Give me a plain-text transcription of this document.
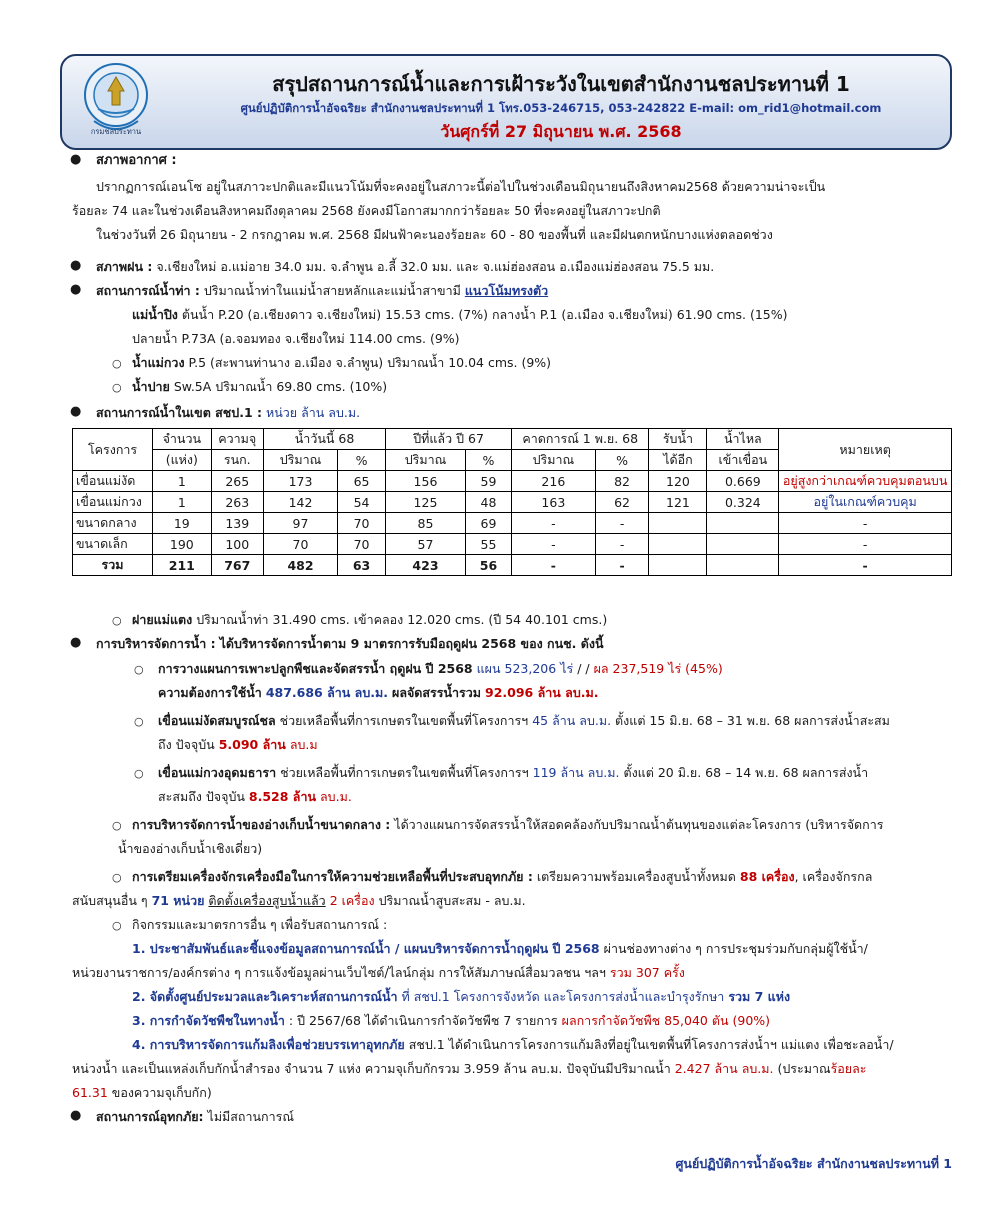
กรมชลประทาน
สรุปสถานการณ์น้ำและการเฝ้าระวังในเขตสำนักงานชลประทานที่ 1
ศูนย์ปฏิบัติการน้ำอัจฉริยะ สำนักงานชลประทานที่ 1 โทร.053-246715, 053-242822 E-mail: om_rid1@hotmail.com
วันศุกร์ที่ 27 มิถุนายน พ.ศ. 2568
● สภาพอากาศ :
ปรากฏการณ์เอนโซ อยู่ในสภาวะปกติและมีแนวโน้มที่จะคงอยู่ในสภาวะนี้ต่อไปในช่วงเดือนมิถุนายนถึงสิงหาคม2568 ด้วยความน่าจะเป็น
ร้อยละ 74 และในช่วงเดือนสิงหาคมถึงตุลาคม 2568 ยังคงมีโอกาสมากกว่าร้อยละ 50 ที่จะคงอยู่ในสภาวะปกติ
ในช่วงวันที่ 26 มิถุนายน - 2 กรกฎาคม พ.ศ. 2568 มีฝนฟ้าคะนองร้อยละ 60 - 80 ของพื้นที่ และมีฝนตกหนักบางแห่งตลอดช่วง
● สภาพฝน : จ.เชียงใหม่ อ.แม่อาย 34.0 มม. จ.ลำพูน อ.ลี้ 32.0 มม. และ จ.แม่ฮ่องสอน อ.เมืองแม่ฮ่องสอน 75.5 มม.
● สถานการณ์น้ำท่า : ปริมาณน้ำท่าในแม่น้ำสายหลักและแม่น้ำสาขามี แนวโน้มทรงตัว
แม่น้ำปิง ต้นน้ำ P.20 (อ.เชียงดาว จ.เชียงใหม่) 15.53 cms. (7%) กลางน้ำ P.1 (อ.เมือง จ.เชียงใหม่) 61.90 cms. (15%)
ปลายน้ำ P.73A (อ.จอมทอง จ.เชียงใหม่ 114.00 cms. (9%)
○ น้ำแม่กวง P.5 (สะพานท่านาง อ.เมือง จ.ลำพูน) ปริมาณน้ำ 10.04 cms. (9%)
○ น้ำปาย Sw.5A ปริมาณน้ำ 69.80 cms. (10%)
● สถานการณ์น้ำในเขต สชป.1 : หน่วย ล้าน ลบ.ม.
โครงการ	จำนวน	ความจุ	น้ำวันนี้ 68		ปีที่แล้ว ปี 67		คาดการณ์ 1 พ.ย. 68		รับน้ำ	น้ำไหล	หมายเหตุ
	(แห่ง)	รนก.	ปริมาณ	%	ปริมาณ	%	ปริมาณ	%	ได้อีก	เข้าเขื่อน	
เขื่อนแม่งัด	1	265	173	65	156	59	216	82	120	0.669	อยู่สูงกว่าเกณฑ์ควบคุมตอนบน
เขื่อนแม่กวง	1	263	142	54	125	48	163	62	121	0.324	อยู่ในเกณฑ์ควบคุม
ขนาดกลาง	19	139	97	70	85	69	-	-			-
ขนาดเล็ก	190	100	70	70	57	55	-	-			-
รวม	211	767	482	63	423	56	-	-			-
○ ฝายแม่แตง ปริมาณน้ำท่า 31.490 cms. เข้าคลอง 12.020 cms. (ปี 54 40.101 cms.)
● การบริหารจัดการน้ำ : ได้บริหารจัดการน้ำตาม 9 มาตรการรับมือฤดูฝน 2568 ของ กนช. ดังนี้
○ การวางแผนการเพาะปลูกพืชและจัดสรรน้ำ ฤดูฝน ปี 2568 แผน 523,206 ไร่ / / ผล 237,519 ไร่ (45%)
ความต้องการใช้น้ำ 487.686 ล้าน ลบ.ม. ผลจัดสรรน้ำรวม 92.096 ล้าน ลบ.ม.
○ เขื่อนแม่งัดสมบูรณ์ชล ช่วยเหลือพื้นที่การเกษตรในเขตพื้นที่โครงการฯ 45 ล้าน ลบ.ม. ตั้งแต่ 15 มิ.ย. 68 – 31 พ.ย. 68 ผลการส่งน้ำสะสม
ถึง ปัจจุบัน 5.090 ล้าน ลบ.ม
○ เขื่อนแม่กวงอุดมธารา ช่วยเหลือพื้นที่การเกษตรในเขตพื้นที่โครงการฯ 119 ล้าน ลบ.ม. ตั้งแต่ 20 มิ.ย. 68 – 14 พ.ย. 68 ผลการส่งน้ำ
สะสมถึง ปัจจุบัน 8.528 ล้าน ลบ.ม.
○ การบริหารจัดการน้ำของอ่างเก็บน้ำขนาดกลาง : ได้วางแผนการจัดสรรน้ำให้สอดคล้องกับปริมาณน้ำต้นทุนของแต่ละโครงการ (บริหารจัดการ
น้ำของอ่างเก็บน้ำเชิงเดี่ยว)
○ การเตรียมเครื่องจักรเครื่องมือในการให้ความช่วยเหลือพื้นที่ประสบอุทกภัย : เตรียมความพร้อมเครื่องสูบน้ำทั้งหมด 88 เครื่อง, เครื่องจักรกล
สนับสนุนอื่น ๆ 71 หน่วย ติดตั้งเครื่องสูบน้ำแล้ว 2 เครื่อง ปริมาณน้ำสูบสะสม - ลบ.ม.
○ กิจกรรมและมาตรการอื่น ๆ เพื่อรับสถานการณ์ :
1. ประชาสัมพันธ์และชี้แจงข้อมูลสถานการณ์น้ำ / แผนบริหารจัดการน้ำฤดูฝน ปี 2568 ผ่านช่องทางต่าง ๆ การประชุมร่วมกับกลุ่มผู้ใช้น้ำ/
หน่วยงานราชการ/องค์กรต่าง ๆ การแจ้งข้อมูลผ่านเว็บไซต์/ไลน์กลุ่ม การให้สัมภาษณ์สื่อมวลชน ฯลฯ รวม 307 ครั้ง
2. จัดตั้งศูนย์ประมวลและวิเคราะห์สถานการณ์น้ำ ที่ สชป.1 โครงการจังหวัด และโครงการส่งน้ำและบำรุงรักษา รวม 7 แห่ง
3. การกำจัดวัชพืชในทางน้ำ : ปี 2567/68 ได้ดำเนินการกำจัดวัชพืช 7 รายการ ผลการกำจัดวัชพืช 85,040 ตัน (90%)
4. การบริหารจัดการแก้มลิงเพื่อช่วยบรรเทาอุทกภัย สชป.1 ได้ดำเนินการโครงการแก้มลิงที่อยู่ในเขตพื้นที่โครงการส่งน้ำฯ แม่แตง เพื่อชะลอน้ำ/
หน่วงน้ำ และเป็นแหล่งเก็บกักน้ำสำรอง จำนวน 7 แห่ง ความจุเก็บกักรวม 3.959 ล้าน ลบ.ม. ปัจจุบันมีปริมาณน้ำ 2.427 ล้าน ลบ.ม. (ประมาณร้อยละ
61.31 ของความจุเก็บกัก)
● สถานการณ์อุทกภัย: ไม่มีสถานการณ์
ศูนย์ปฏิบัติการน้ำอัจฉริยะ สำนักงานชลประทานที่ 1
